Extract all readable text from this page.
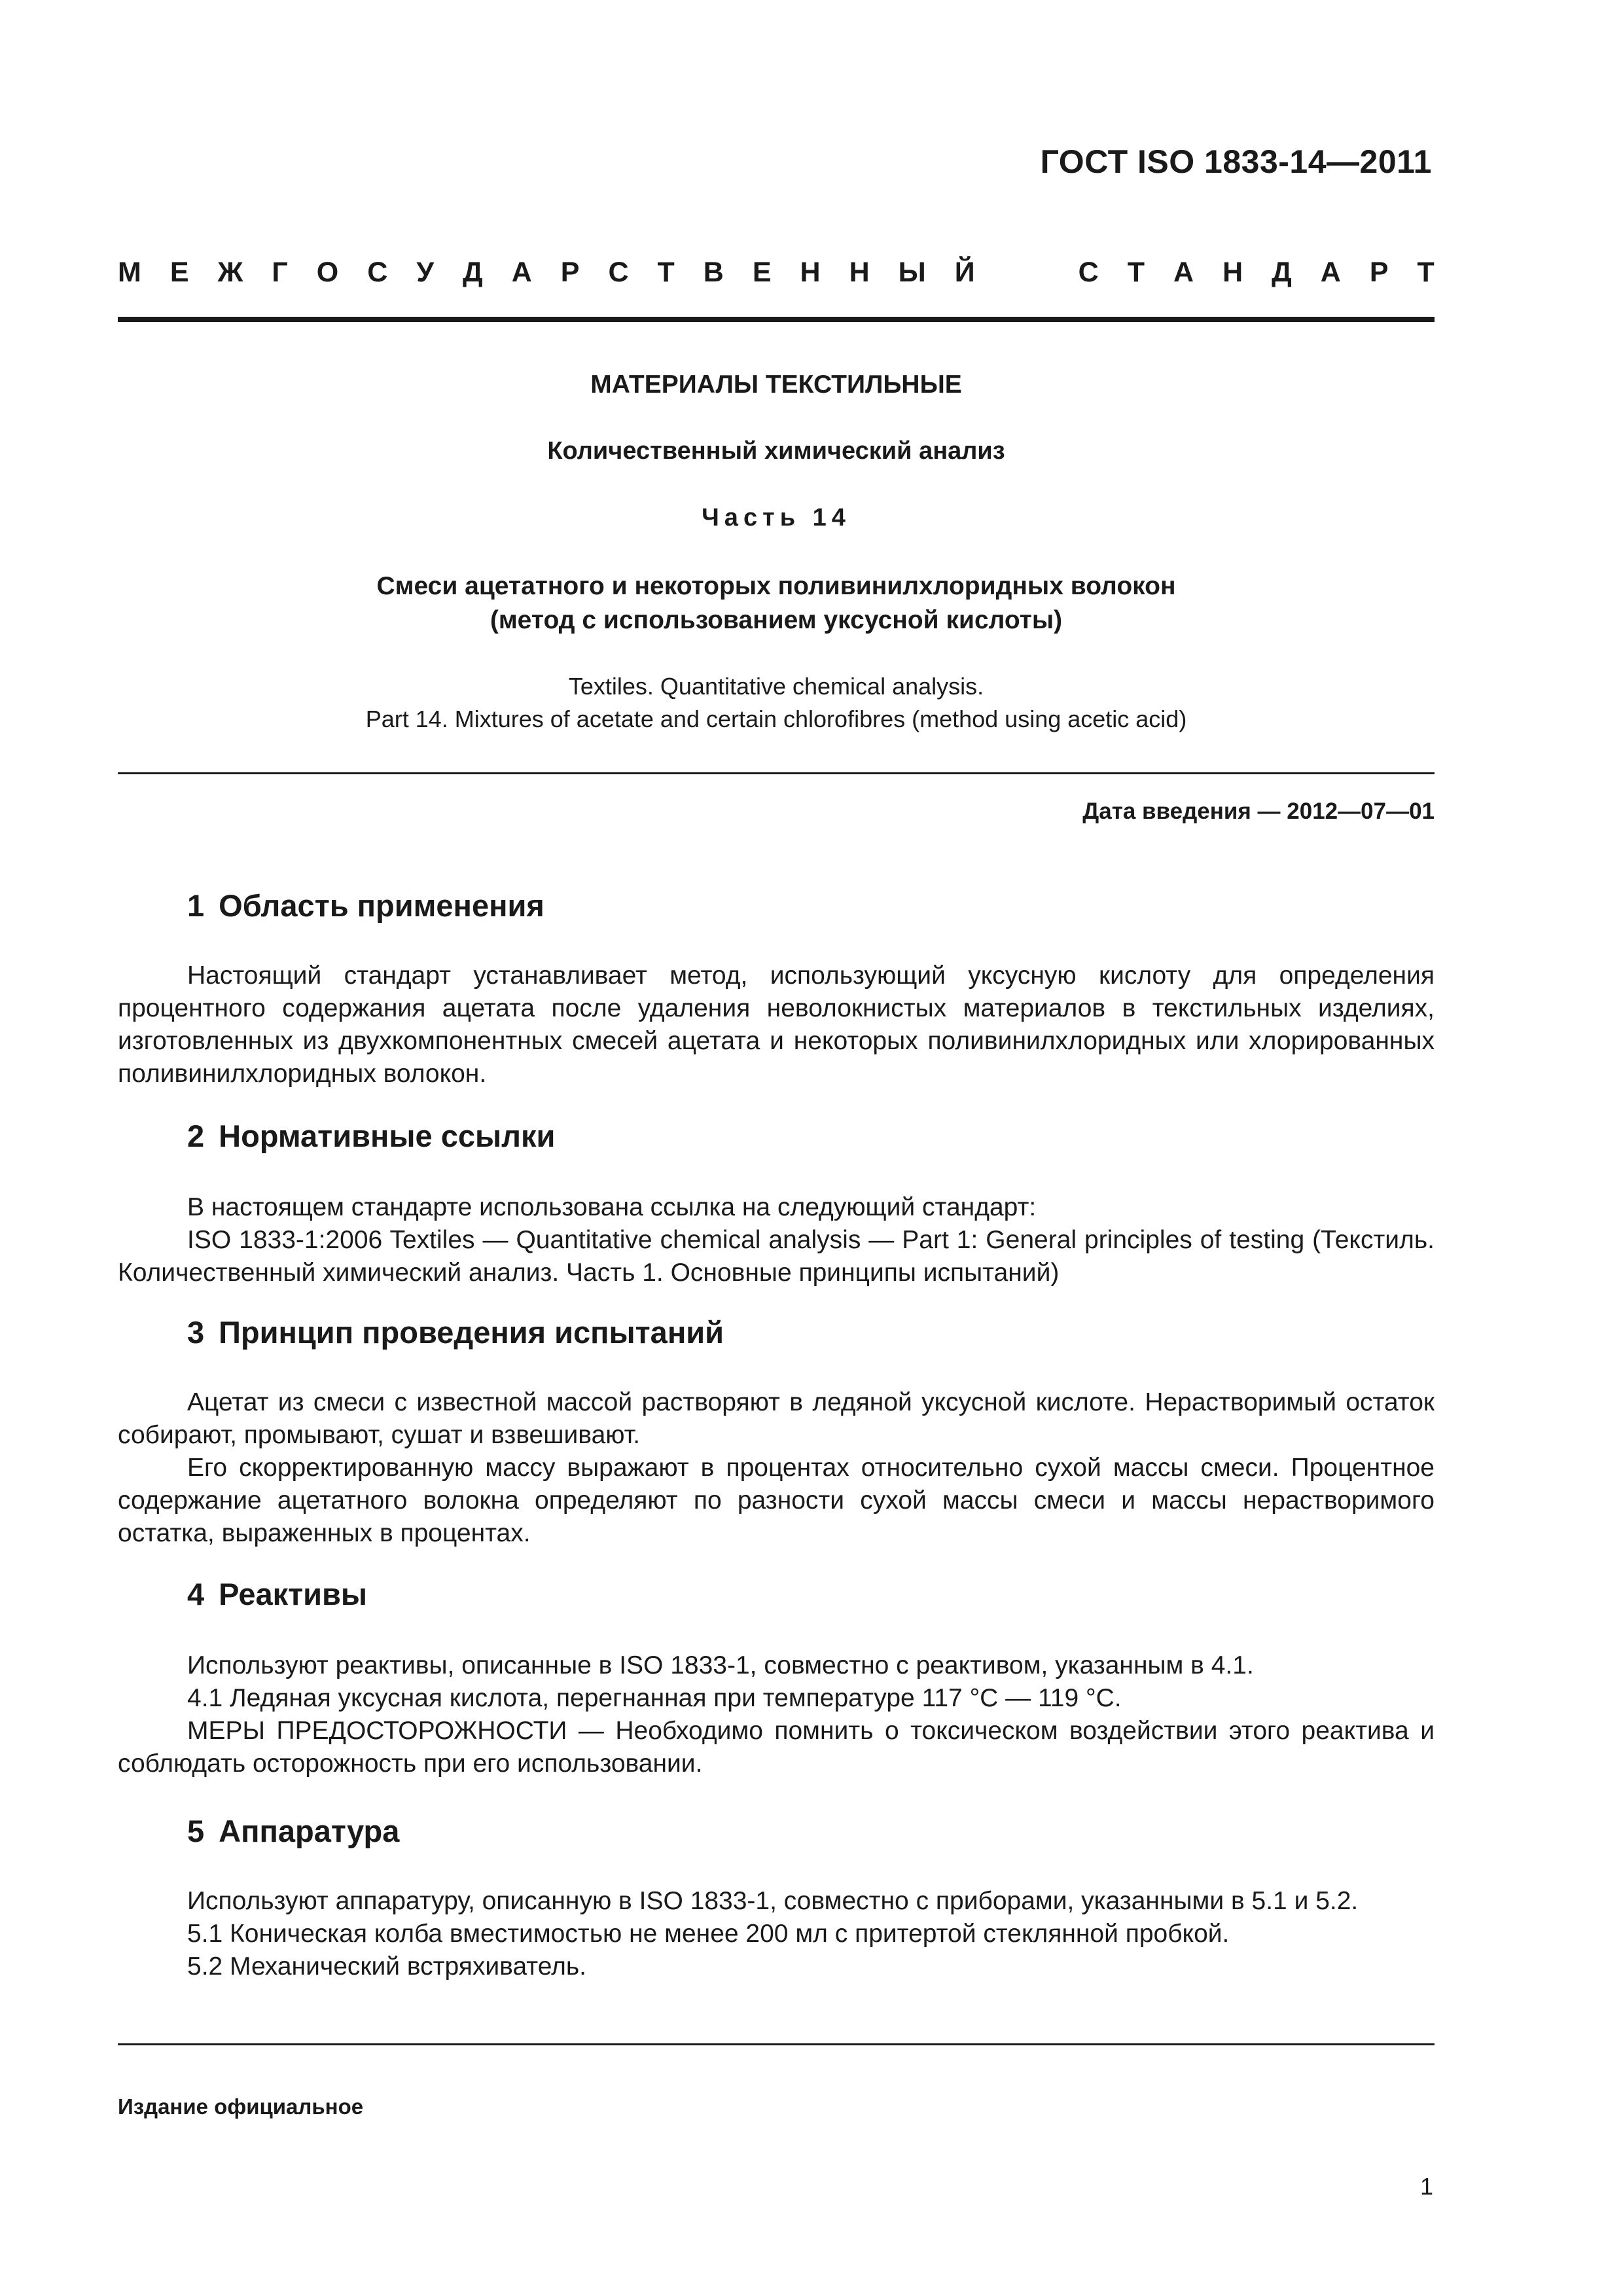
ГОСТ ISO 1833-14—2011
М Е Ж Г О С У Д А Р С Т В Е Н Н Ы Й	С Т А Н Д А Р Т
МАТЕРИАЛЫ ТЕКСТИЛЬНЫЕ
Количественный химический анализ
Часть 14
Смеси ацетатного и некоторых поливинилхлоридных волокон
(метод с использованием уксусной кислоты)
Textiles. Quantitative chemical analysis.
Part 14. Mixtures of acetate and certain chlorofibres (method using acetic acid)
Дата введения — 2012—07—01
1 Область применения

Настоящий стандарт устанавливает метод, использующий уксусную кислоту для определения процентного содержания ацетата после удаления неволокнистых материалов в текстильных изделиях, изготовленных из двухкомпонентных смесей ацетата и некоторых поливинилхлоридных или хлорированных поливинилхлоридных волокон.

2 Нормативные ссылки

В настоящем стандарте использована ссылка на следующий стандарт:

ISO 1833-1:2006 Textiles — Quantitative chemical analysis — Part 1: General principles of testing (Текстиль. Количественный химический анализ. Часть 1. Основные принципы испытаний)

3 Принцип проведения испытаний

Ацетат из смеси с известной массой растворяют в ледяной уксусной кислоте. Нерастворимый остаток собирают, промывают, сушат и взвешивают.

Его скорректированную массу выражают в процентах относительно сухой массы смеси. Процентное содержание ацетатного волокна определяют по разности сухой массы смеси и массы нерастворимого остатка, выраженных в процентах.

4 Реактивы

Используют реактивы, описанные в ISO 1833-1, совместно с реактивом, указанным в 4.1.

4.1 Ледяная уксусная кислота, перегнанная при температуре 117 °С — 119 °С.

МЕРЫ ПРЕДОСТОРОЖНОСТИ — Необходимо помнить о токсическом воздействии этого реактива и соблюдать осторожность при его использовании.

5 Аппаратура

Используют аппаратуру, описанную в ISO 1833-1, совместно с приборами, указанными в 5.1 и 5.2.

5.1 Коническая колба вместимостью не менее 200 мл с притертой стеклянной пробкой.

5.2 Механический встряхиватель.

Издание официальное
1
